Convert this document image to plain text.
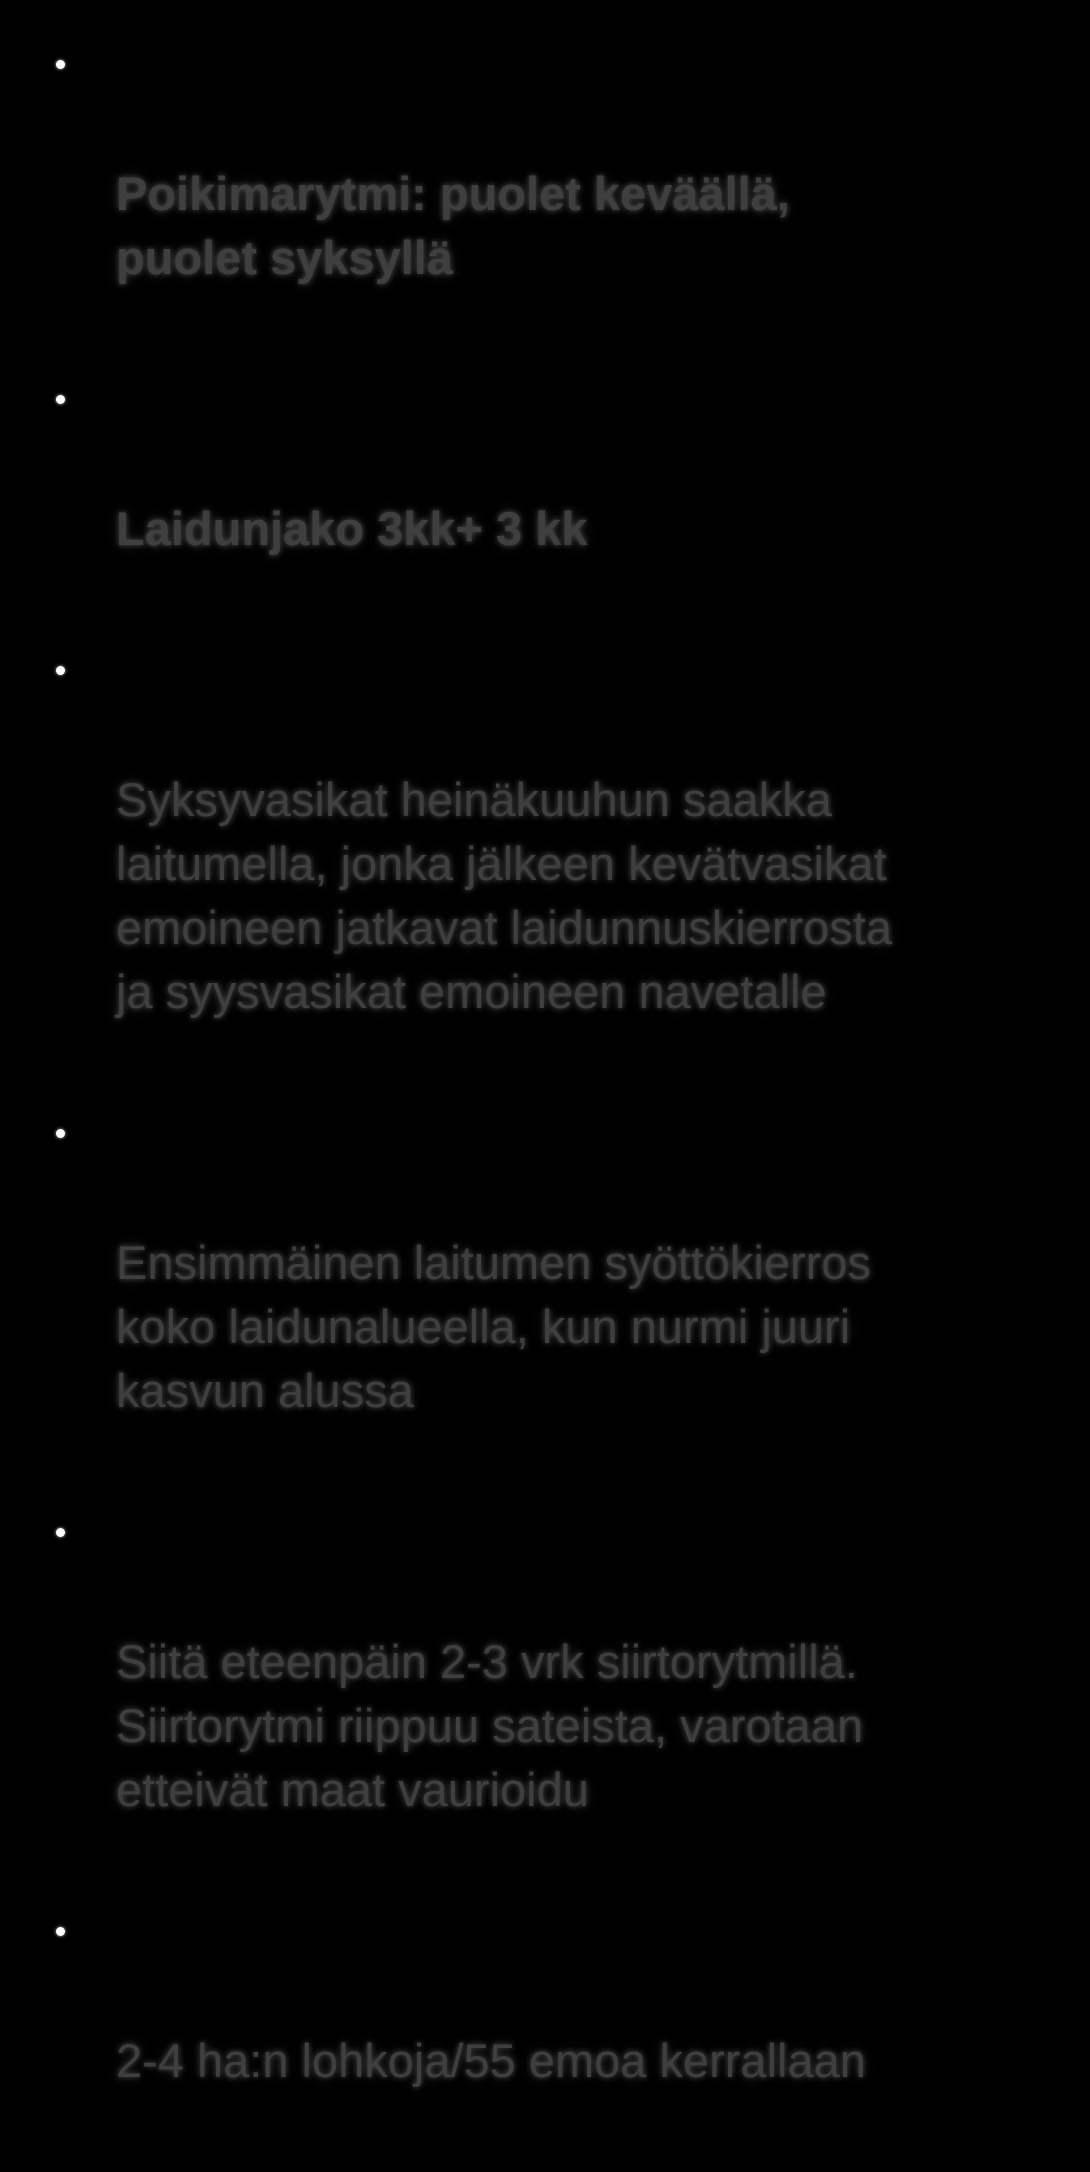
Poikimarytmi: puolet keväällä,
puolet syksyllä

Laidunjako 3kk+ 3 kk

Syksyvasikat heinäkuuhun saakka
laitumella, jonka jälkeen kevätvasikat
emoineen jatkavat laidunnuskierrosta
ja syysvasikat emoineen navetalle

Ensimmäinen laitumen syöttökierros
koko laidunalueella, kun nurmi juuri
kasvun alussa

Siitä eteenpäin 2-3 vrk siirtorytmillä.
Siirtorytmi riippuu sateista, varotaan
etteivät maat vaurioidu

2-4 ha:n lohkoja/55 emoa kerrallaan
